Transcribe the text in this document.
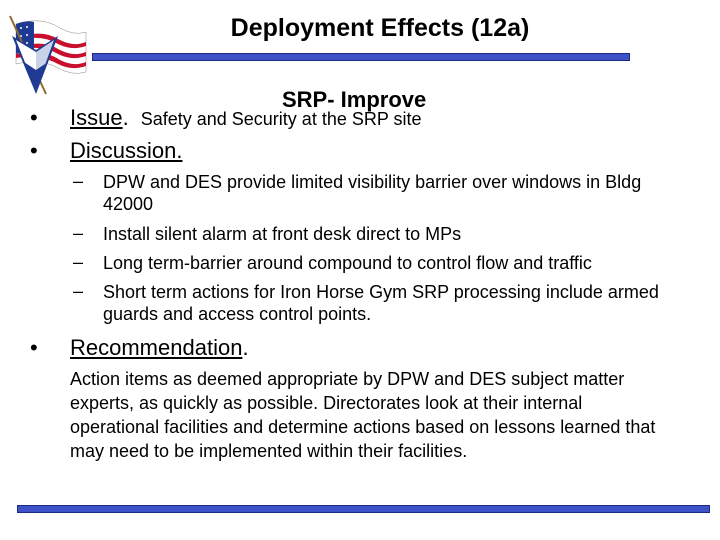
Deployment Effects (12a)
SRP- Improve
• Issue. Safety and Security at the SRP site
• Discussion.
– DPW and DES provide limited visibility barrier over windows in Bldg 42000
– Install silent alarm at front desk direct to MPs
– Long term-barrier around compound to control flow and traffic
– Short term actions for Iron Horse Gym SRP processing include armed guards and access control points.
• Recommendation.
Action items as deemed appropriate by DPW and DES subject matter experts, as quickly as possible. Directorates look at their internal operational facilities and determine actions based on lessons learned that may need to be implemented within their facilities.
